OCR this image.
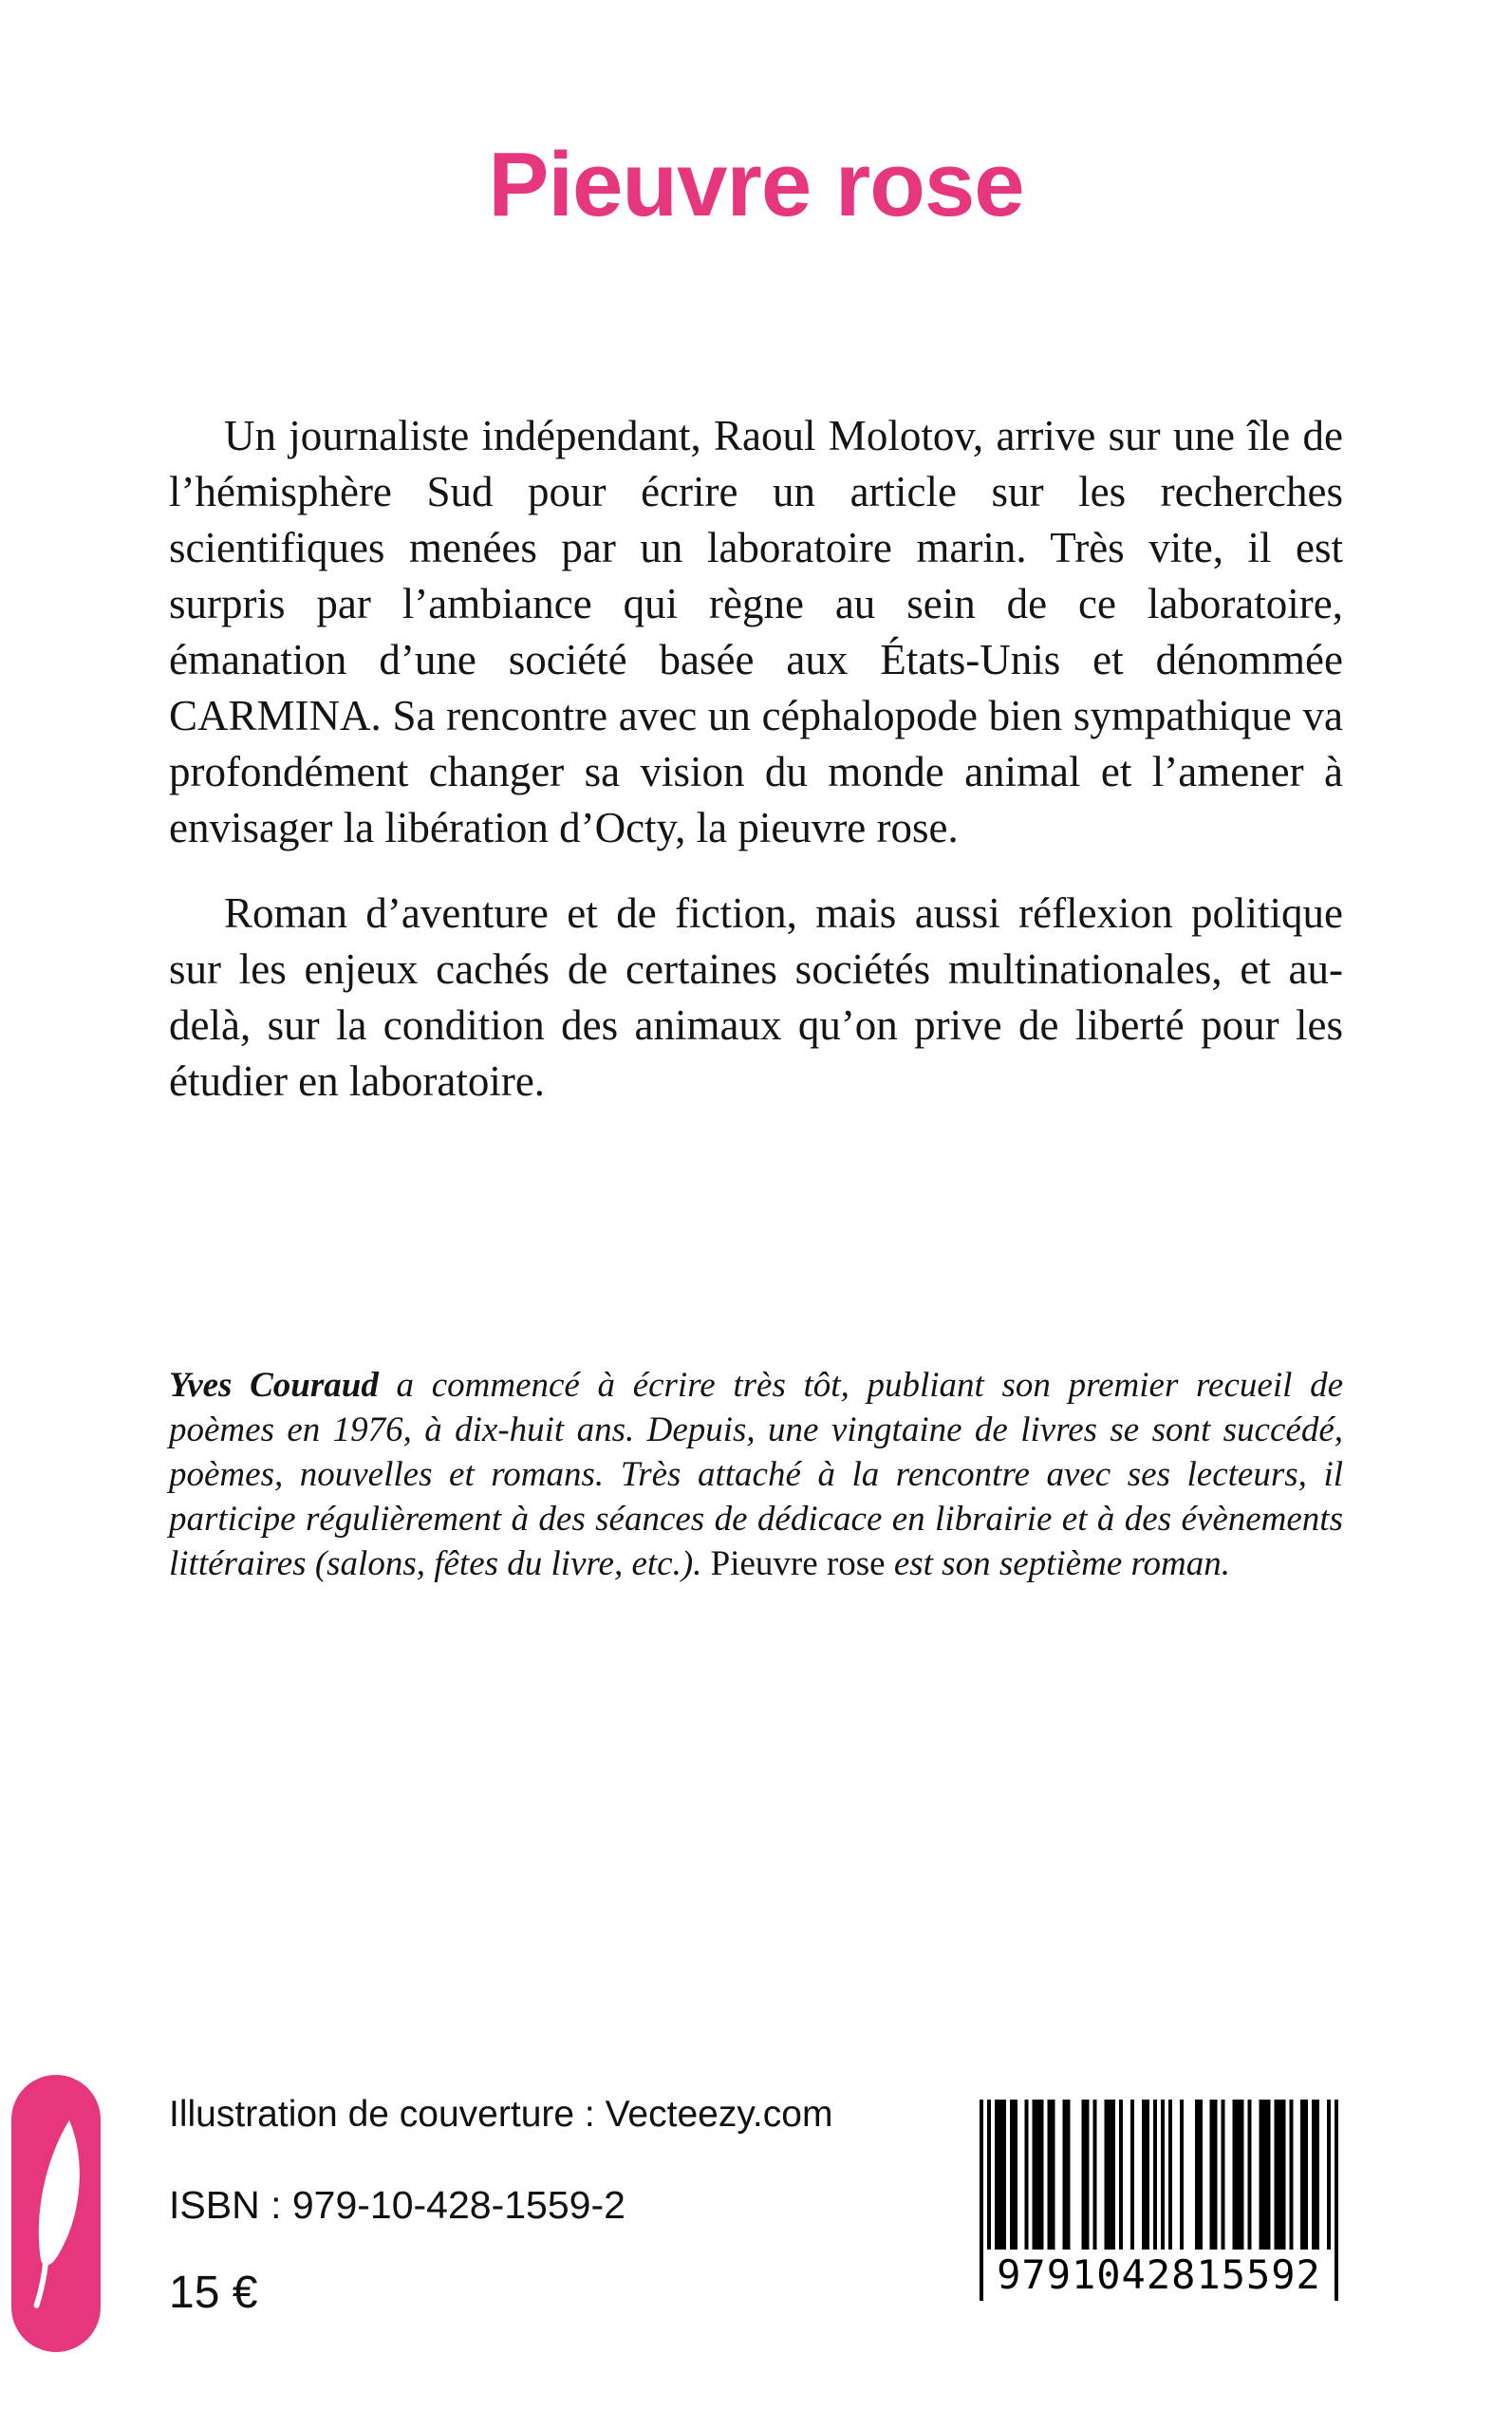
Pieuvre rose

Un journaliste indépendant, Raoul Molotov, arrive sur une île de l’hémisphère Sud pour écrire un article sur les recherches scientifiques menées par un laboratoire marin. Très vite, il est surpris par l’ambiance qui règne au sein de ce laboratoire, émanation d’une société basée aux États-Unis et dénommée CARMINA. Sa rencontre avec un céphalopode bien sympathique va profondément changer sa vision du monde animal et l’amener à envisager la libération d’Octy, la pieuvre rose.

Roman d’aventure et de fiction, mais aussi réflexion politique sur les enjeux cachés de certaines sociétés multinationales, et au-delà, sur la condition des animaux qu’on prive de liberté pour les étudier en laboratoire.

Yves Couraud a commencé à écrire très tôt, publiant son premier recueil de poèmes en 1976, à dix-huit ans. Depuis, une vingtaine de livres se sont succédé, poèmes, nouvelles et romans. Très attaché à la rencontre avec ses lecteurs, il participe régulièrement à des séances de dédicace en librairie et à des évènements littéraires (salons, fêtes du livre, etc.). Pieuvre rose est son septième roman.
Illustration de couverture : Vecteezy.com
ISBN : 979-10-428-1559-2
15 €	9791042815592
